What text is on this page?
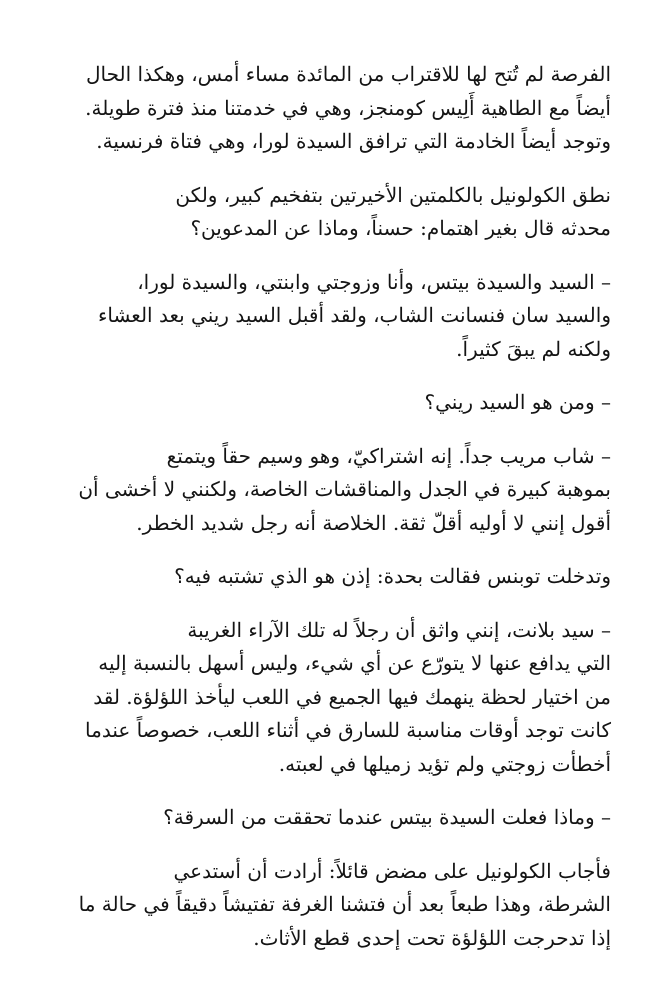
الفرصة لم تُتح لها للاقتراب من المائدة مساء أمس، وهكذا الحال
أيضاً مع الطاهية أَلِيس كومنجز، وهي في خدمتنا منذ فترة طويلة.
وتوجد أيضاً الخادمة التي ترافق السيدة لورا، وهي فتاة فرنسية.

نطق الكولونيل بالكلمتين الأخيرتين بتفخيم كبير، ولكن
محدثه قال بغير اهتمام: حسناً، وماذا عن المدعوين؟

– السيد والسيدة بيتس، وأنا وزوجتي وابنتي، والسيدة لورا،
والسيد سان فنسانت الشاب، ولقد أقبل السيد ريني بعد العشاء
ولكنه لم يبقَ كثيراً.

– ومن هو السيد ريني؟

– شاب مريب جداً. إنه اشتراكيّ، وهو وسيم حقاً ويتمتع
بموهبة كبيرة في الجدل والمناقشات الخاصة، ولكنني لا أخشى أن
أقول إنني لا أوليه أقلّ ثقة. الخلاصة أنه رجل شديد الخطر.

وتدخلت توبنس فقالت بحدة: إذن هو الذي تشتبه فيه؟

– سيد بلانت، إنني واثق أن رجلاً له تلك الآراء الغريبة
التي يدافع عنها لا يتورّع عن أي شيء، وليس أسهل بالنسبة إليه
من اختيار لحظة ينهمك فيها الجميع في اللعب ليأخذ اللؤلؤة. لقد
كانت توجد أوقات مناسبة للسارق في أثناء اللعب، خصوصاً عندما
أخطأت زوجتي ولم تؤيد زميلها في لعبته.

– وماذا فعلت السيدة بيتس عندما تحققت من السرقة؟

فأجاب الكولونيل على مضض قائلاً: أرادت أن أستدعي
الشرطة، وهذا طبعاً بعد أن فتشنا الغرفة تفتيشاً دقيقاً في حالة ما
إذا تدحرجت اللؤلؤة تحت إحدى قطع الأثاث.
